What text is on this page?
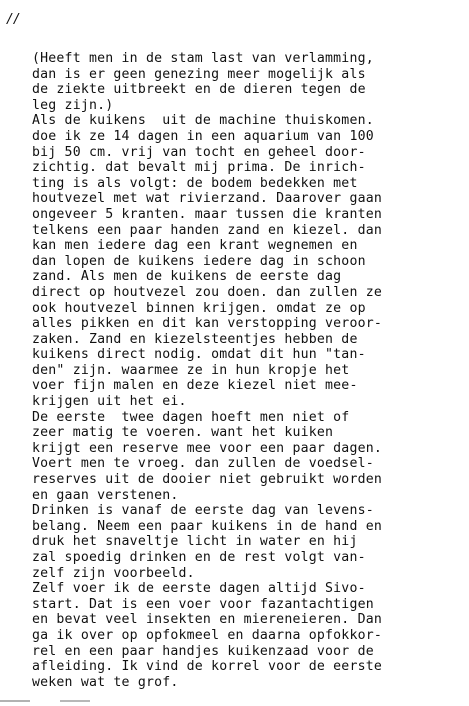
//
(Heeft men in de stam last van verlamming,
dan is er geen genezing meer mogelijk als
de ziekte uitbreekt en de dieren tegen de
leg zijn.)
Als de kuikens  uit de machine thuiskomen.
doe ik ze 14 dagen in een aquarium van 100
bij 50 cm. vrij van tocht en geheel door-
zichtig. dat bevalt mij prima. De inrich-
ting is als volgt: de bodem bedekken met
houtvezel met wat rivierzand. Daarover gaan
ongeveer 5 kranten. maar tussen die kranten
telkens een paar handen zand en kiezel. dan
kan men iedere dag een krant wegnemen en
dan lopen de kuikens iedere dag in schoon
zand. Als men de kuikens de eerste dag
direct op houtvezel zou doen. dan zullen ze
ook houtvezel binnen krijgen. omdat ze op
alles pikken en dit kan verstopping veroor-
zaken. Zand en kiezelsteentjes hebben de
kuikens direct nodig. omdat dit hun "tan-
den" zijn. waarmee ze in hun kropje het
voer fijn malen en deze kiezel niet mee-
krijgen uit het ei.
De eerste  twee dagen hoeft men niet of
zeer matig te voeren. want het kuiken
krijgt een reserve mee voor een paar dagen.
Voert men te vroeg. dan zullen de voedsel-
reserves uit de dooier niet gebruikt worden
en gaan verstenen.
Drinken is vanaf de eerste dag van levens-
belang. Neem een paar kuikens in de hand en
druk het snaveltje licht in water en hij
zal spoedig drinken en de rest volgt van-
zelf zijn voorbeeld.
Zelf voer ik de eerste dagen altijd Sivo-
start. Dat is een voer voor fazantachtigen
en bevat veel insekten en miereneieren. Dan
ga ik over op opfokmeel en daarna opfokkor-
rel en een paar handjes kuikenzaad voor de
afleiding. Ik vind de korrel voor de eerste
weken wat te grof.
